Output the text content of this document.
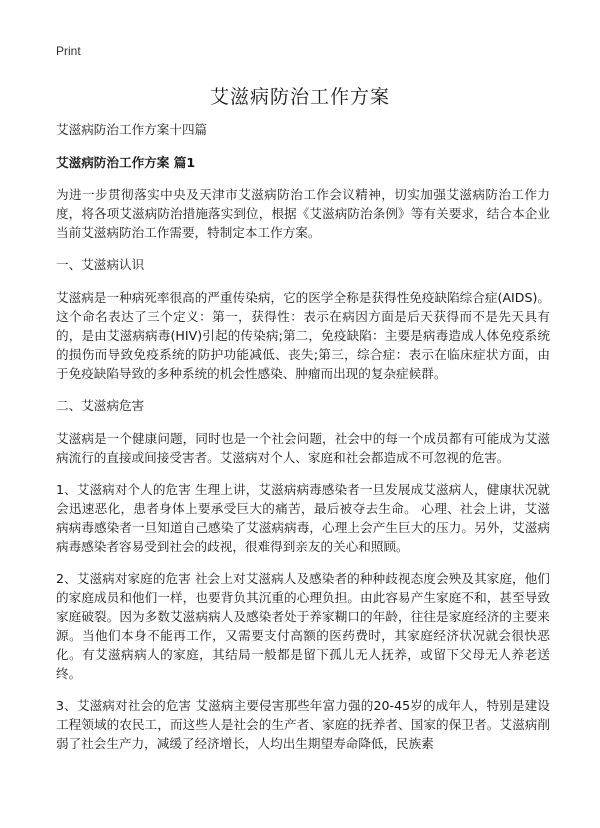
Print
艾滋病防治工作方案

艾滋病防治工作方案十四篇

艾滋病防治工作方案 篇1

为进一步贯彻落实中央及天津市艾滋病防治工作会议精神，切实加强艾滋病防治工作力度，将各项艾滋病防治措施落实到位，根据《艾滋病防治条例》等有关要求，结合本企业当前艾滋病防治工作需要，特制定本工作方案。

一、艾滋病认识

艾滋病是一种病死率很高的严重传染病，它的医学全称是获得性免疫缺陷综合症(AIDS)。这个命名表达了三个定义：第一，获得性：表示在病因方面是后天获得而不是先天具有的，是由艾滋病病毒(HIV)引起的传染病;第二，免疫缺陷：主要是病毒造成人体免疫系统的损伤而导致免疫系统的防护功能减低、丧失;第三，综合症：表示在临床症状方面，由于免疫缺陷导致的多种系统的机会性感染、肿瘤而出现的复杂症候群。

二、艾滋病危害

艾滋病是一个健康问题，同时也是一个社会问题，社会中的每一个成员都有可能成为艾滋病流行的直接或间接受害者。艾滋病对个人、家庭和社会都造成不可忽视的危害。

1、艾滋病对个人的危害 生理上讲，艾滋病病毒感染者一旦发展成艾滋病人，健康状况就会迅速恶化，患者身体上要承受巨大的痛苦，最后被夺去生命。 心理、社会上讲，艾滋病病毒感染者一旦知道自己感染了艾滋病病毒，心理上会产生巨大的压力。另外，艾滋病病毒感染者容易受到社会的歧视，很难得到亲友的关心和照顾。

2、艾滋病对家庭的危害 社会上对艾滋病人及感染者的种种歧视态度会殃及其家庭，他们的家庭成员和他们一样，也要背负其沉重的心理负担。由此容易产生家庭不和，甚至导致家庭破裂。因为多数艾滋病病人及感染者处于养家糊口的年龄，往往是家庭经济的主要来源。当他们本身不能再工作，又需要支付高额的医药费时，其家庭经济状况就会很快恶化。有艾滋病病人的家庭，其结局一般都是留下孤儿无人抚养，或留下父母无人养老送终。

3、艾滋病对社会的危害 艾滋病主要侵害那些年富力强的20-45岁的成年人，特别是建设工程领域的农民工，而这些人是社会的生产者、家庭的抚养者、国家的保卫者。艾滋病削弱了社会生产力，减缓了经济增长，人均出生期望寿命降低，民族素
